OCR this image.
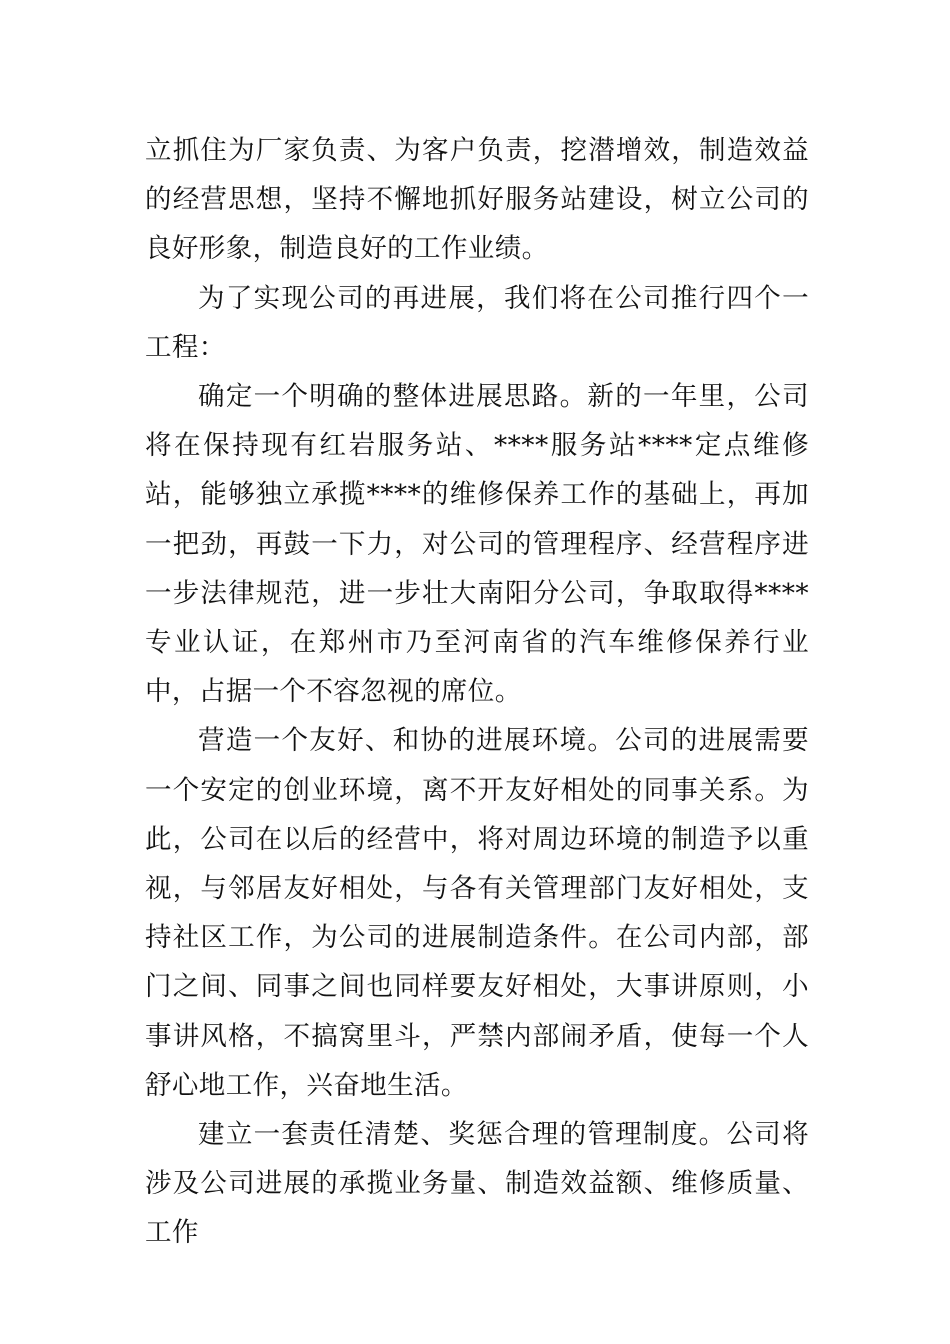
立抓住为厂家负责、为客户负责，挖潜增效，制造效益的经营思想，坚持不懈地抓好服务站建设，树立公司的良好形象，制造良好的工作业绩。

为了实现公司的再进展，我们将在公司推行四个一工程：

确定一个明确的整体进展思路。新的一年里，公司将在保持现有红岩服务站、****服务站****定点维修站，能够独立承揽****的维修保养工作的基础上，再加一把劲，再鼓一下力，对公司的管理程序、经营程序进一步法律规范，进一步壮大南阳分公司，争取取得****专业认证，在郑州市乃至河南省的汽车维修保养行业中，占据一个不容忽视的席位。

营造一个友好、和协的进展环境。公司的进展需要一个安定的创业环境，离不开友好相处的同事关系。为此，公司在以后的经营中，将对周边环境的制造予以重视，与邻居友好相处，与各有关管理部门友好相处，支持社区工作，为公司的进展制造条件。在公司内部，部门之间、同事之间也同样要友好相处，大事讲原则，小事讲风格，不搞窝里斗，严禁内部闹矛盾，使每一个人舒心地工作，兴奋地生活。

建立一套责任清楚、奖惩合理的管理制度。公司将涉及公司进展的承揽业务量、制造效益额、维修质量、工作
